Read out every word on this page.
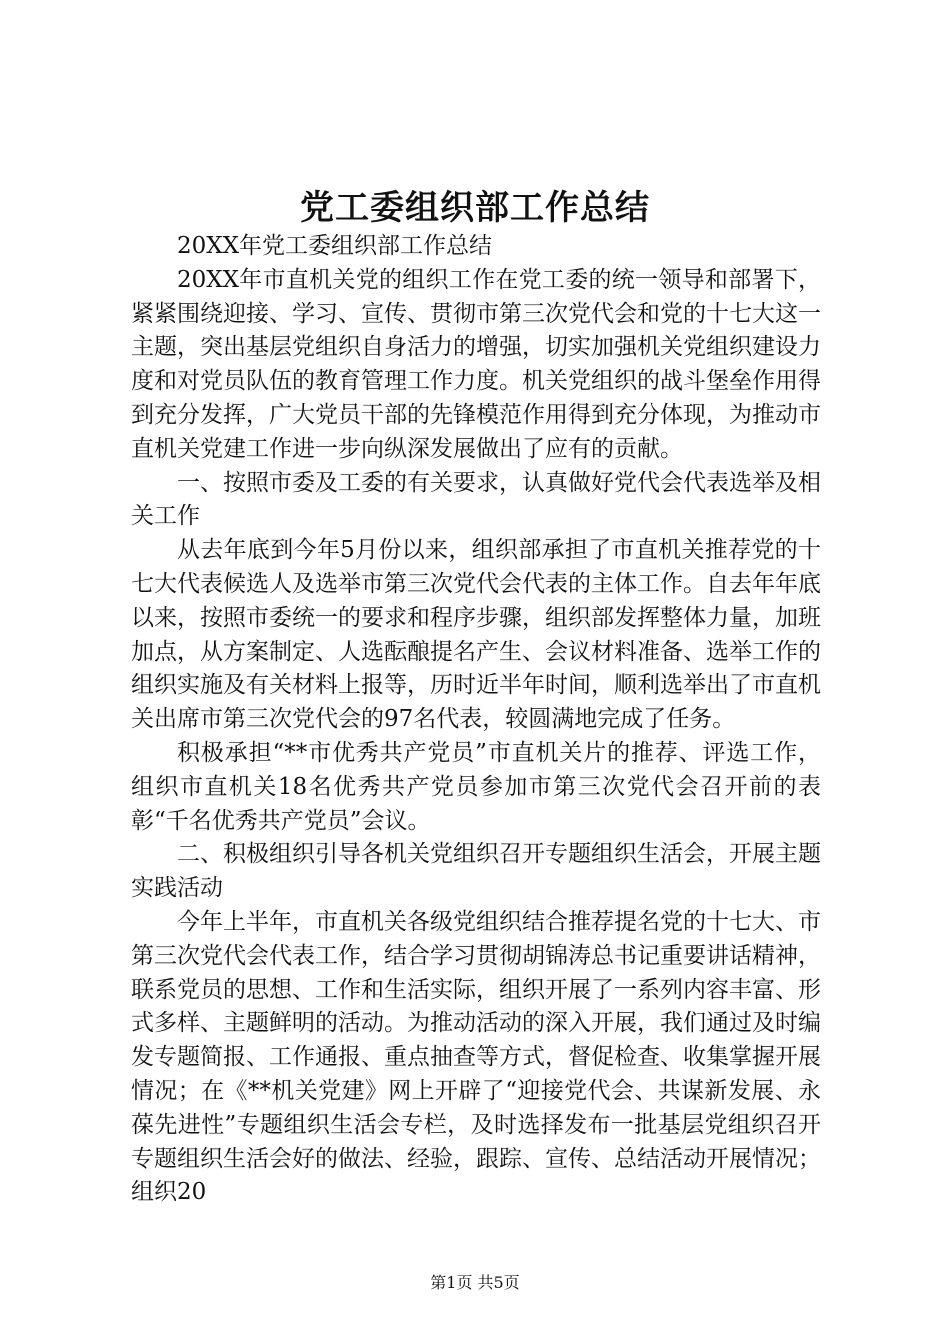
党工委组织部工作总结

20XX年党工委组织部工作总结

20XX年市直机关党的组织工作在党工委的统一领导和部署下，紧紧围绕迎接、学习、宣传、贯彻市第三次党代会和党的十七大这一主题，突出基层党组织自身活力的增强，切实加强机关党组织建设力度和对党员队伍的教育管理工作力度。机关党组织的战斗堡垒作用得到充分发挥，广大党员干部的先锋模范作用得到充分体现，为推动市直机关党建工作进一步向纵深发展做出了应有的贡献。

一、按照市委及工委的有关要求，认真做好党代会代表选举及相关工作

从去年底到今年5月份以来，组织部承担了市直机关推荐党的十七大代表候选人及选举市第三次党代会代表的主体工作。自去年年底以来，按照市委统一的要求和程序步骤，组织部发挥整体力量，加班加点，从方案制定、人选酝酿提名产生、会议材料准备、选举工作的组织实施及有关材料上报等，历时近半年时间，顺利选举出了市直机关出席市第三次党代会的97名代表，较圆满地完成了任务。

积极承担“**市优秀共产党员”市直机关片的推荐、评选工作，组织市直机关18名优秀共产党员参加市第三次党代会召开前的表彰“千名优秀共产党员”会议。

二、积极组织引导各机关党组织召开专题组织生活会，开展主题实践活动

今年上半年，市直机关各级党组织结合推荐提名党的十七大、市第三次党代会代表工作，结合学习贯彻胡锦涛总书记重要讲话精神，联系党员的思想、工作和生活实际，组织开展了一系列内容丰富、形式多样、主题鲜明的活动。为推动活动的深入开展，我们通过及时编发专题简报、工作通报、重点抽查等方式，督促检查、收集掌握开展情况；在《**机关党建》网上开辟了“迎接党代会、共谋新发展、永葆先进性”专题组织生活会专栏，及时选择发布一批基层党组织召开专题组织生活会好的做法、经验，跟踪、宣传、总结活动开展情况；组织20

第1页 共5页
